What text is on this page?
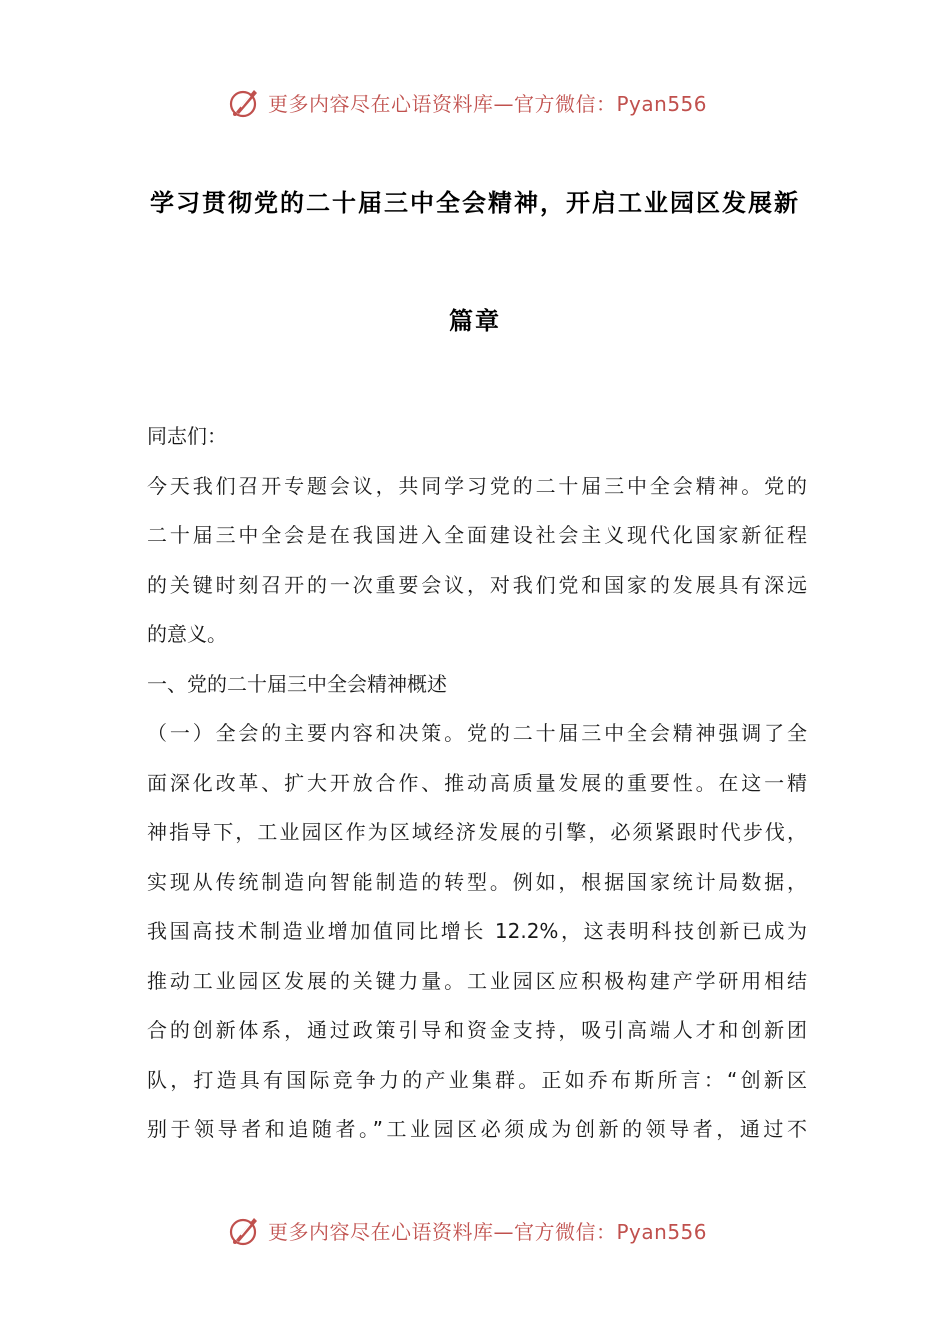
更多内容尽在心语资料库 —官方微信：Pyan556
学习贯彻党的二十届三中全会精神，开启工业园区发展新
篇章
同志们：
今天我们召开专题会议，共同学习党的二十届三中全会精神。党的
二十届三中全会是在我国进入全面建设社会主义现代化国家新征程
的关键时刻召开的一次重要会议，对我们党和国家的发展具有深远
的意义。
一、党的二十届三中全会精神概述
（一）全会的主要内容和决策。党的二十届三中全会精神强调了全
面深化改革、扩大开放合作、推动高质量发展的重要性。在这一精
神指导下，工业园区作为区域经济发展的引擎，必须紧跟时代步伐，
实现从传统制造向智能制造的转型。例如，根据国家统计局数据，
我国高技术制造业增加值同比增长 12.2%，这表明科技创新已成为
推动工业园区发展的关键力量。工业园区应积极构建产学研用相结
合的创新体系，通过政策引导和资金支持，吸引高端人才和创新团
队，打造具有国际竞争力的产业集群。正如乔布斯所言：“创新区
别于领导者和追随者。”工业园区必须成为创新的领导者，通过不
更多内容尽在心语资料库 —官方微信：Pyan556
